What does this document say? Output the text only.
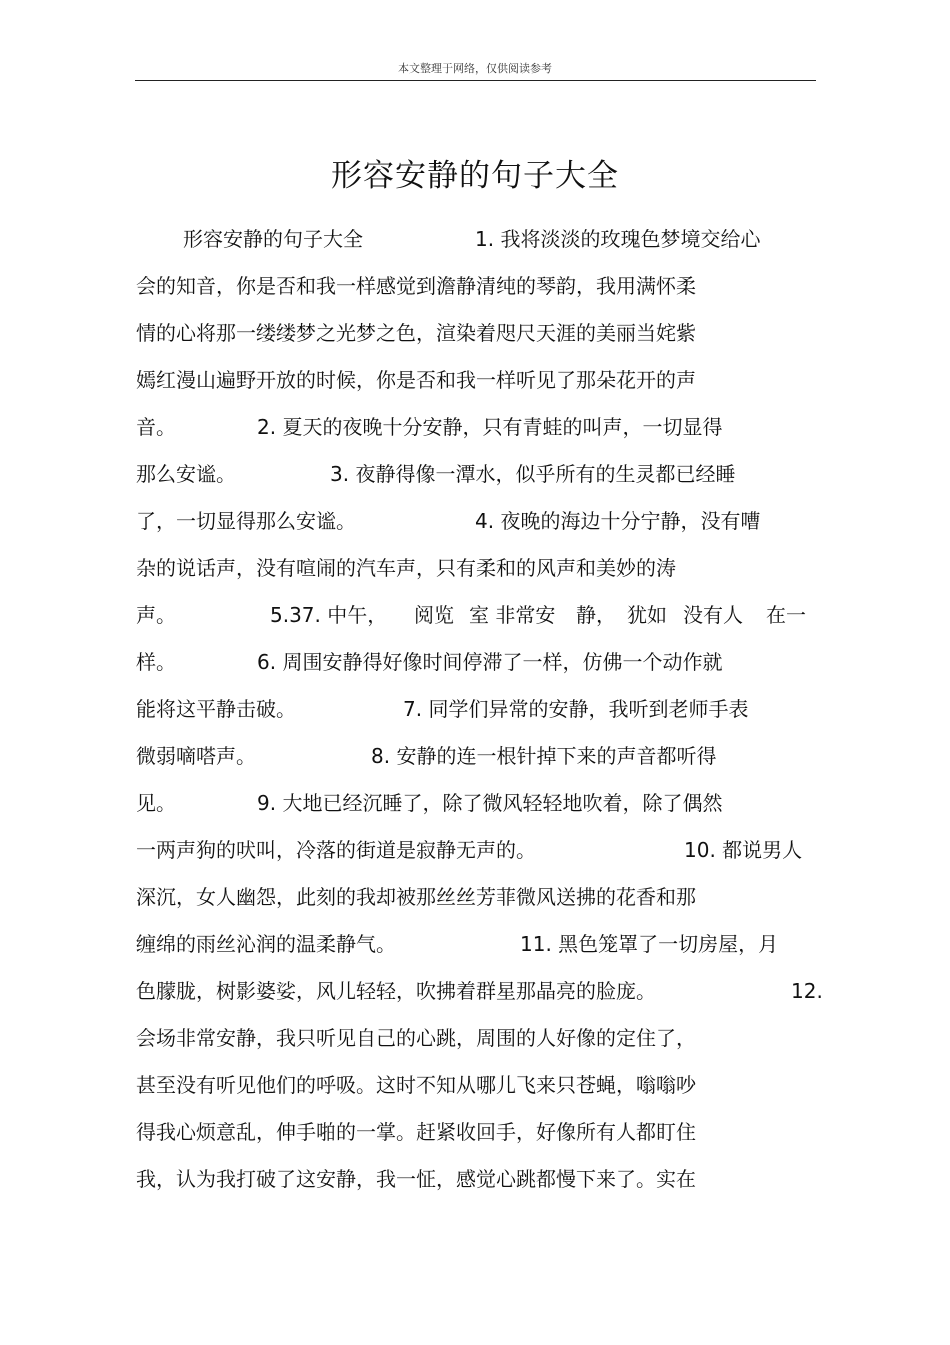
本文整理于网络，仅供阅读参考
形容安静的句子大全

形容安静的句子大全

	1. 我将淡淡的玫瑰色梦境交给心

会的知音，你是否和我一样感觉到澹静清纯的琴韵，我用满怀柔

情的心将那一缕缕梦之光梦之色，渲染着咫尺天涯的美丽当姹紫

嫣红漫山遍野开放的时候，你是否和我一样听见了那朵花开的声

音。

	2. 夏天的夜晚十分安静，只有青蛙的叫声，一切显得

那么安谧。

	3. 夜静得像一潭水，似乎所有的生灵都已经睡

了，一切显得那么安谧。

	4. 夜晚的海边十分宁静，没有嘈

杂的说话声，没有喧闹的汽车声，只有柔和的风声和美妙的涛

声。

	5.37. 中午，

阅览

室 非常安

静，

犹如

没有人

在一

样。

	6. 周围安静得好像时间停滞了一样，仿佛一个动作就

能将这平静击破。

	7. 同学们异常的安静，我听到老师手表

微弱嘀嗒声。

	8. 安静的连一根针掉下来的声音都听得

见。

	9. 大地已经沉睡了，除了微风轻轻地吹着，除了偶然

一两声狗的吠叫，冷落的街道是寂静无声的。

	10. 都说男人

深沉，女人幽怨，此刻的我却被那丝丝芳菲微风送拂的花香和那

缠绵的雨丝沁润的温柔静气。

	11. 黑色笼罩了一切房屋，月

色朦胧，树影婆娑，风儿轻轻，吹拂着群星那晶亮的脸庞。

	12.

会场非常安静，我只听见自己的心跳，周围的人好像的定住了，

甚至没有听见他们的呼吸。这时不知从哪儿飞来只苍蝇，嗡嗡吵

得我心烦意乱，伸手啪的一掌。赶紧收回手，好像所有人都盯住

我，认为我打破了这安静，我一怔，感觉心跳都慢下来了。实在
